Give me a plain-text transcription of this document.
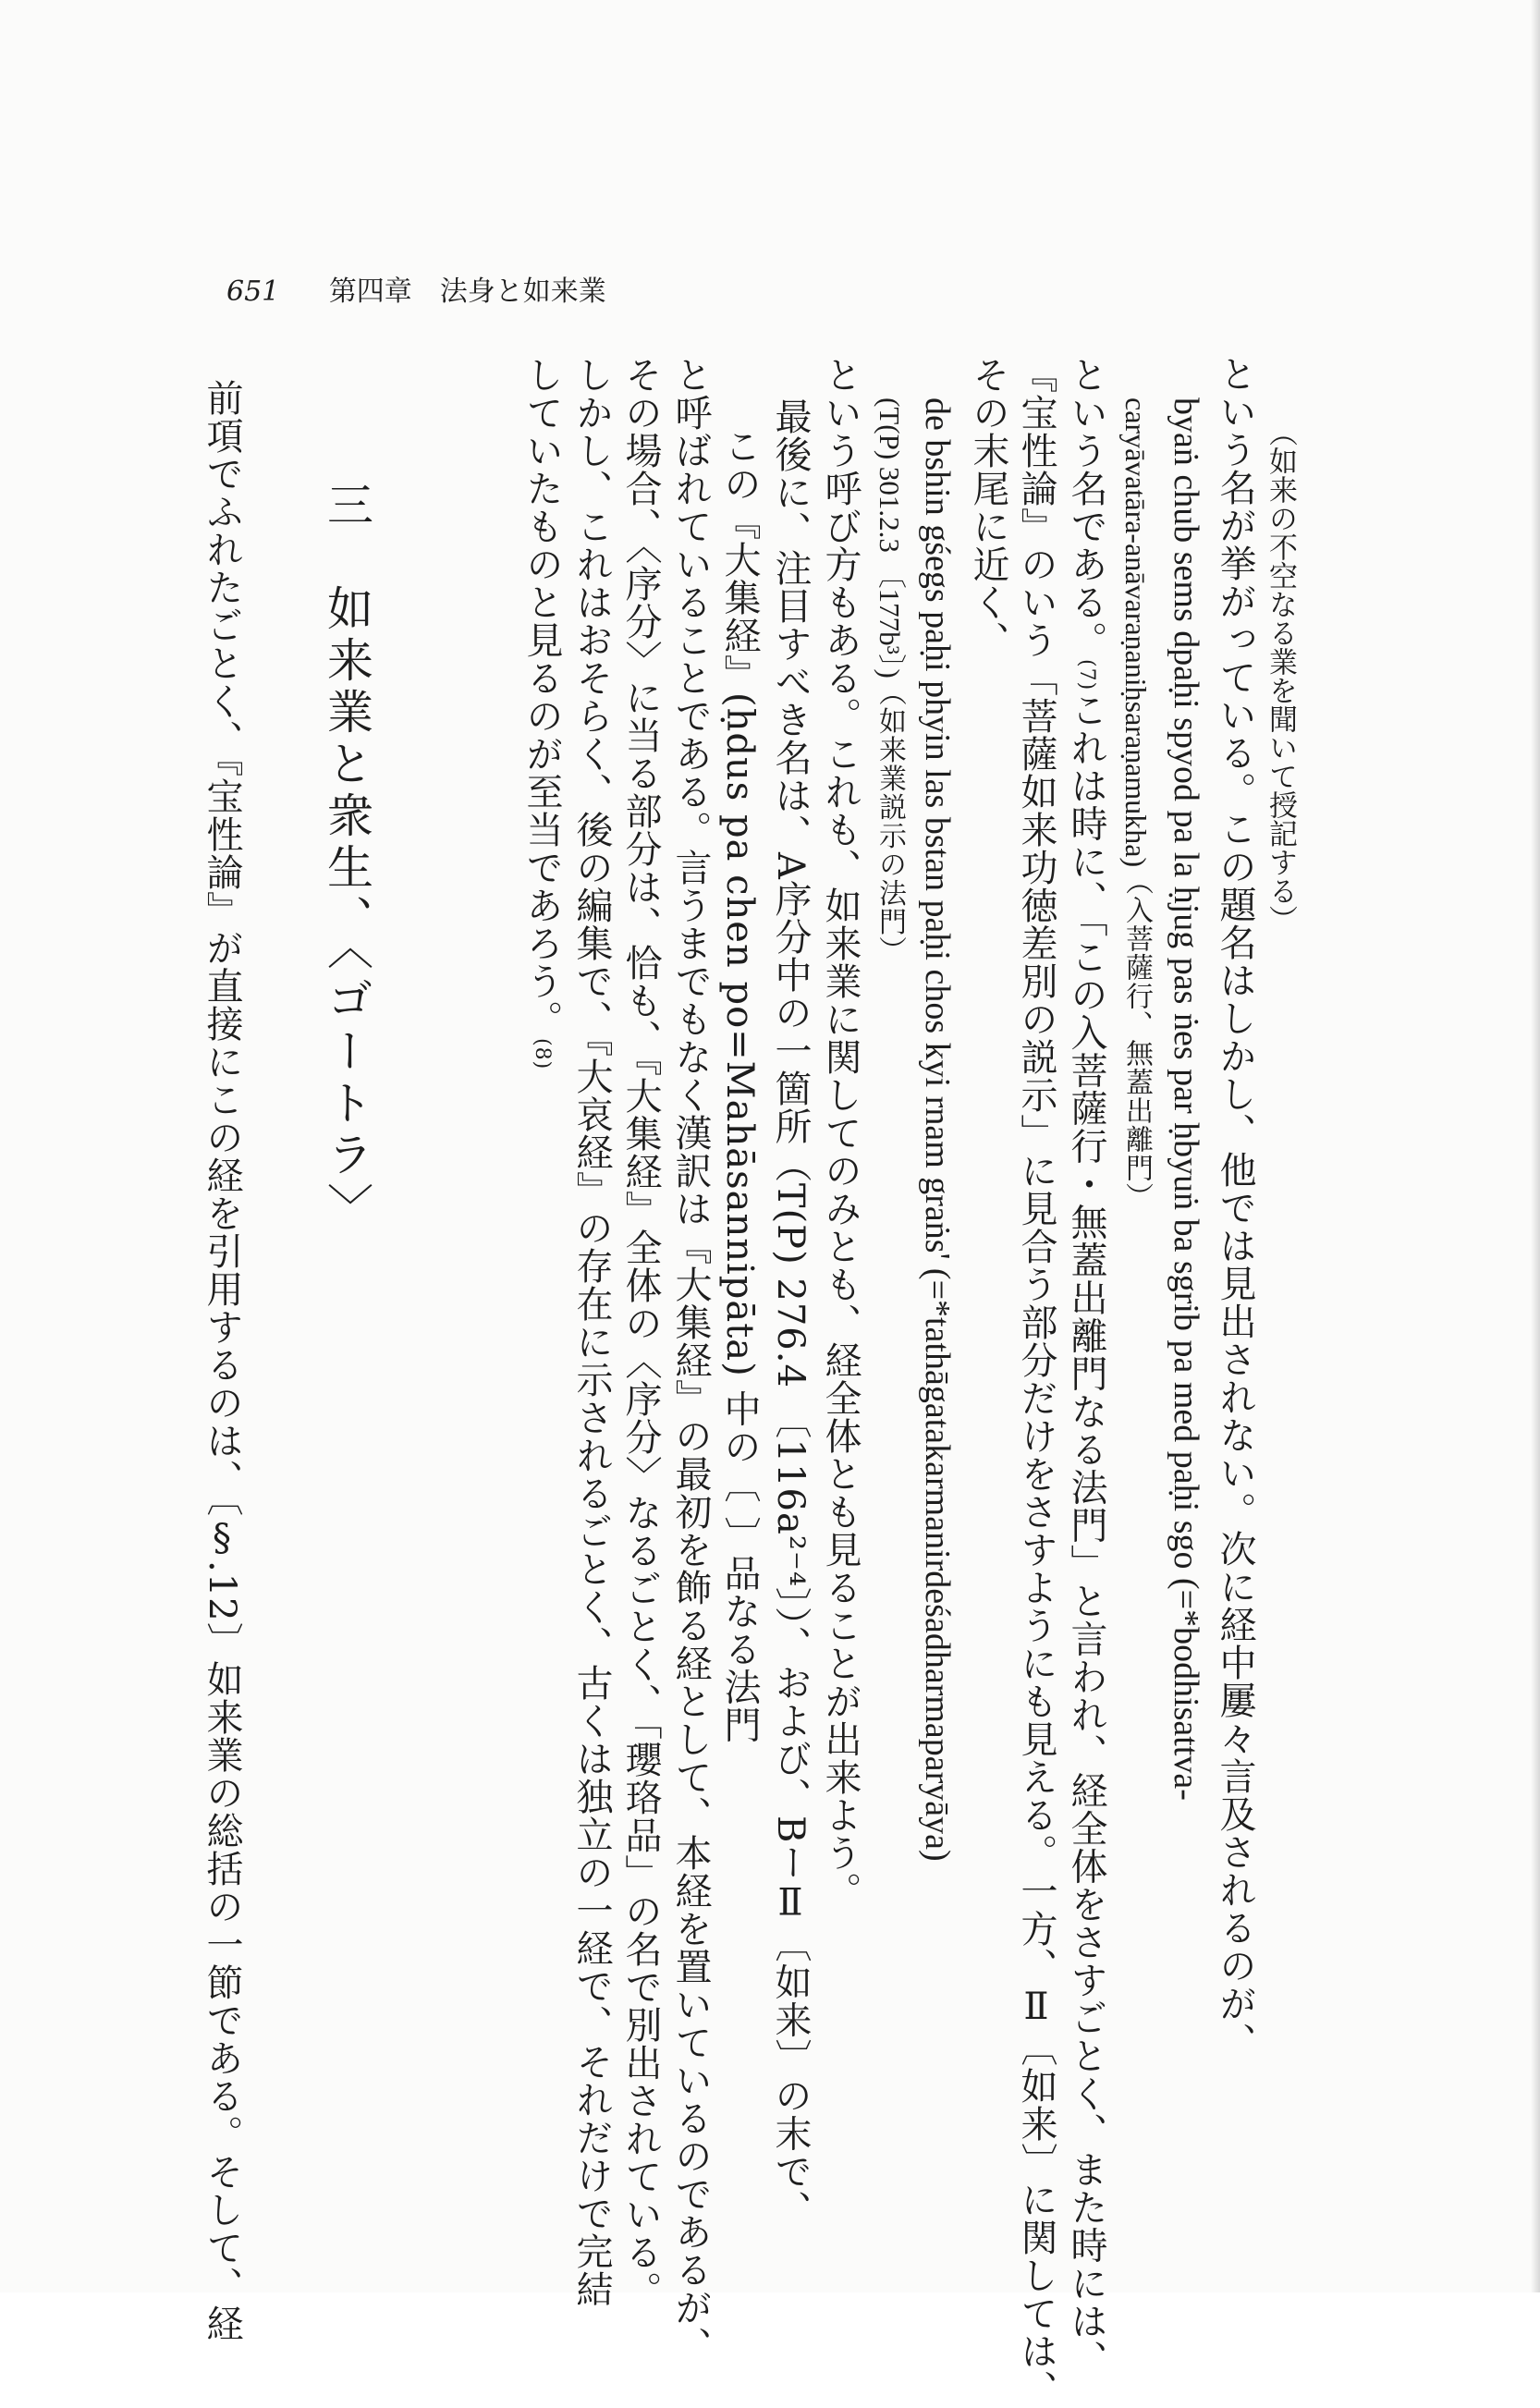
651 第四章　法身と如来業
（如来の不空なる業を聞いて授記する）
という名が挙がっている。この題名はしかし、他では見出されない。次に経中屢々言及されるのが、
byaṅ chub sems dpaḥi spyod pa la ḥjug pas ṅes par ḥbyuṅ ba sgrib pa med paḥi sgo (=*bodhisattva-
caryāvatāra-anāvaraṇaniḥsaraṇamukha)（入菩薩行、無蓋出離門）
という名である。(7)これは時に、「この入菩薩行・無蓋出離門なる法門」と言われ、経全体をさすごとく、また時には、
『宝性論』のいう「菩薩如来功徳差別の説示」に見合う部分だけをさすようにも見える。一方、Ⅱ〔如来〕に関しては、
その末尾に近く、
de bshin gśegs paḥi phyin las bstan paḥi chos kyi rnam graṅs' (=*tathāgatakarmanirdeśadharmaparyāya)
(T(P) 301.2.3 〔177b³〕)（如来業説示の法門）
という呼び方もある。これも、如来業に関してのみとも、経全体とも見ることが出来よう。
最後に、注目すべき名は、A序分中の一箇所（T(P) 276.4 〔116a²⁻⁴〕）、および、BーⅡ〔如来〕の末で、
この『大集経』(ḥdus pa chen po=Mahāsannipāta) 中の〔 〕品なる法門
と呼ばれていることである。言うまでもなく漢訳は『大集経』の最初を飾る経として、本経を置いているのであるが、
その場合、〈序分〉に当る部分は、恰も、『大集経』全体の〈序分〉なるごとく、「瓔珞品」の名で別出されている。
しかし、これはおそらく、後の編集で、『大哀経』の存在に示されるごとく、古くは独立の一経で、それだけで完結
していたものと見るのが至当であろう。(8)
三　如来業と衆生、〈ゴートラ〉
前項でふれたごとく、『宝性論』が直接にこの経を引用するのは、〔§.12〕如来業の総括の一節である。そして、経
